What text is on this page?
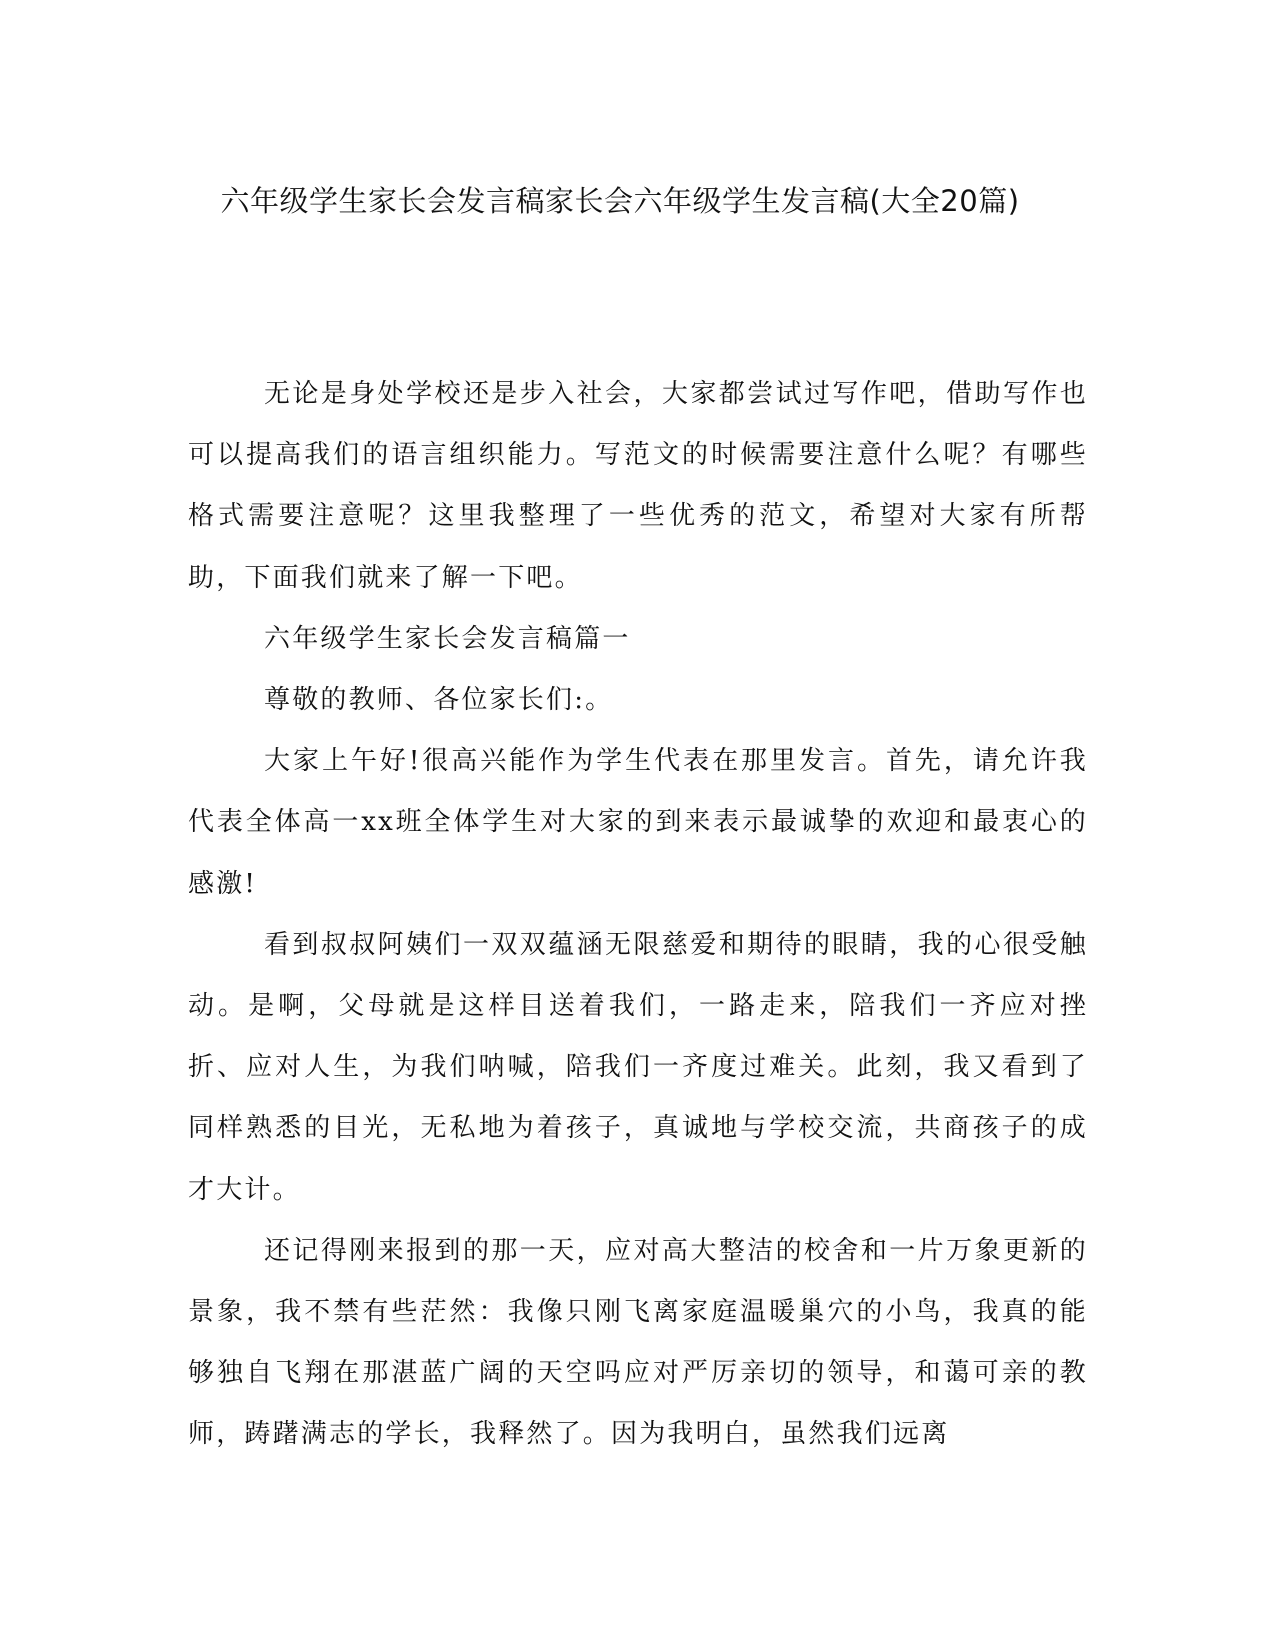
六年级学生家长会发言稿家长会六年级学生发言稿(大全20篇)

无论是身处学校还是步入社会，大家都尝试过写作吧，借助写作也可以提高我们的语言组织能力。写范文的时候需要注意什么呢？有哪些格式需要注意呢？这里我整理了一些优秀的范文，希望对大家有所帮助，下面我们就来了解一下吧。

六年级学生家长会发言稿篇一

尊敬的教师、各位家长们:。

大家上午好!很高兴能作为学生代表在那里发言。首先，请允许我代表全体高一xx班全体学生对大家的到来表示最诚挚的欢迎和最衷心的感激!

看到叔叔阿姨们一双双蕴涵无限慈爱和期待的眼睛，我的心很受触动。是啊，父母就是这样目送着我们，一路走来，陪我们一齐应对挫折、应对人生，为我们呐喊，陪我们一齐度过难关。此刻，我又看到了同样熟悉的目光，无私地为着孩子，真诚地与学校交流，共商孩子的成才大计。

还记得刚来报到的那一天，应对高大整洁的校舍和一片万象更新的景象，我不禁有些茫然：我像只刚飞离家庭温暖巢穴的小鸟，我真的能够独自飞翔在那湛蓝广阔的天空吗应对严厉亲切的领导，和蔼可亲的教师，踌躇满志的学长，我释然了。因为我明白，虽然我们远离
